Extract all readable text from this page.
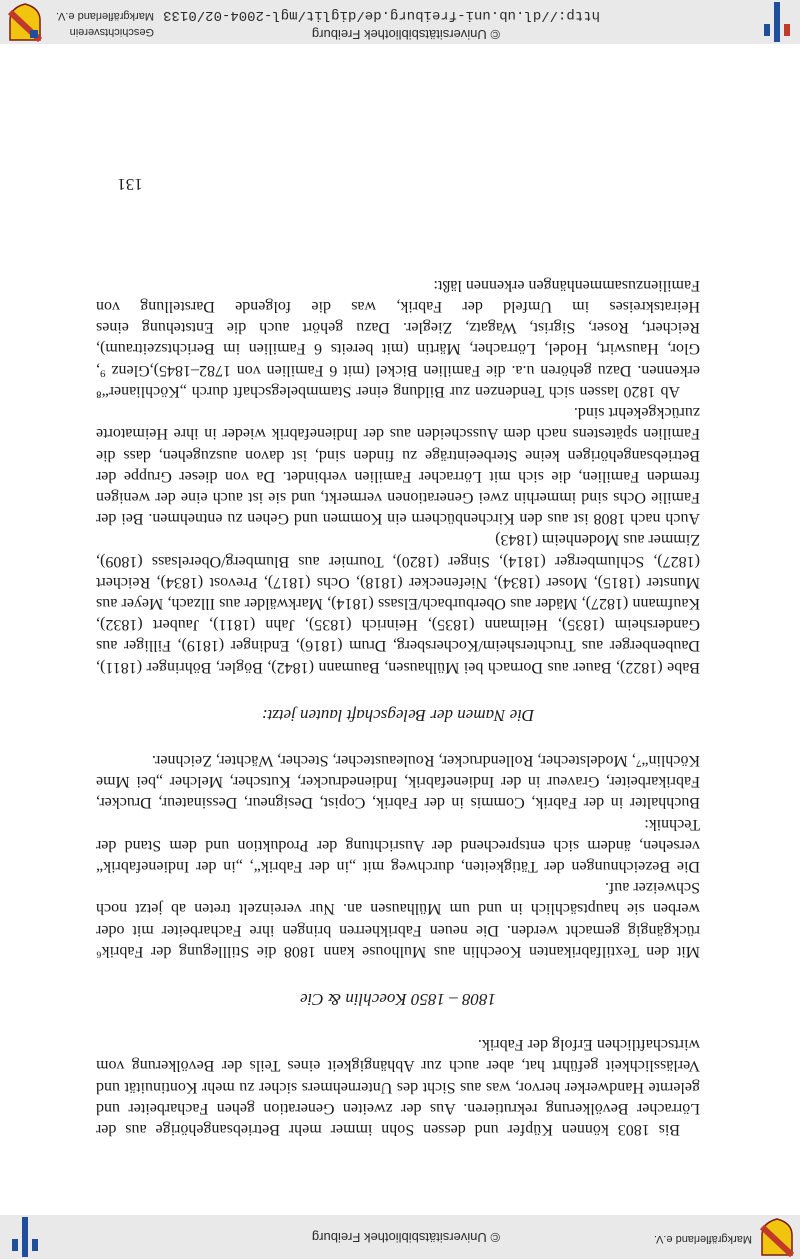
© Universitätsbibliothek Freiburg	Markgräflerland e.V.

Bis 1803 können Küpfer und dessen Sohn immer mehr Betriebsangehörige aus der Lörracher Bevölkerung rekrutieren. Aus der zweiten Generation gehen Facharbeiter und gelernte Handwerker hervor, was aus Sicht des Unternehmers sicher zu mehr Kontinuität und Verlässlichkeit geführt hat, aber auch zur Abhängigkeit eines Teils der Bevölkerung vom wirtschaftlichen Erfolg der Fabrik.

1808 – 1850 Koechlin & Cie

Mit den Textilfabrikanten Koechlin aus Mulhouse kann 1808 die Stilllegung der Fabrik⁶ rückgängig gemacht werden. Die neuen Fabrikherren bringen ihre Facharbeiter mit oder werben sie hauptsächlich in und um Mülhausen an. Nur vereinzelt treten ab jetzt noch Schweizer auf.

Die Bezeichnungen der Tätigkeiten, durchweg mit „in der Fabrik“, „in der Indienefabrik“ versehen, ändern sich entsprechend der Ausrichtung der Produktion und dem Stand der Technik:

Buchhalter in der Fabrik, Commis in der Fabrik, Copist, Designeur, Dessinateur, Drucker, Fabrikarbeiter, Graveur in der Indienefabrik, Indienedrucker, Kutscher, Melcher „bei Mme Köchlin“⁷, Modelstecher, Rollendrucker, Rouleaustecher, Stecher, Wächter, Zeichner.

Die Namen der Belegschaft lauten jetzt:

Babe (1822), Bauer aus Dornach bei Mülhausen, Baumann (1842), Bögler, Böhringer (1811), Daubenberger aus Truchtersheim/Kochersberg, Drum (1816), Endinger (1819), Filliger aus Gandersheim (1835), Heilmann (1835), Heinrich (1835), Jahn (1811), Jaubert (1832), Kaufmann (1827), Mäder aus Oberburbach/Elsass (1814), Markwälder aus Illzach, Meyer aus Munster (1815), Moser (1834), Niefenecker (1818), Ochs (1817), Prevost (1834), Reichert (1827), Schlumberger (1814), Singer (1820), Tournier aus Blumberg/Oberelsass (1809), Zimmer aus Modenheim (1843)

Auch nach 1808 ist aus den Kirchenbüchern ein Kommen und Gehen zu entnehmen. Bei der Familie Ochs sind immerhin zwei Generationen vermerkt, und sie ist auch eine der wenigen fremden Familien, die sich mit Lörracher Familien verbindet. Da von dieser Gruppe der Betriebsangehörigen keine Sterbeeinträge zu finden sind, ist davon auszugehen, dass die Familien spätestens nach dem Ausscheiden aus der Indienefabrik wieder in ihre Heimatorte zurückgekehrt sind.

Ab 1820 lassen sich Tendenzen zur Bildung einer Stammbelegschaft durch „Köchlianer“⁸ erkennen. Dazu gehören u.a. die Familien Bickel (mit 6 Familien von 1782–1845),Glenz ⁹, Glor, Hauswirt, Hodel, Lörracher, Märtin (mit bereits 6 Familien im Berichtszeitraum), Reichert, Roser, Sigrist, Wagatz, Ziegler. Dazu gehört auch die Entstehung eines Heiratskreises im Umfeld der Fabrik, was die folgende Darstellung von Familienzusammenhängen erkennen läßt:

131
© Universitätsbibliothek Freiburg
http://dl.ub.uni-freiburg.de/diglit/mgl-2004-02/0133
Geschichtsverein
Markgräflerland e.V.
